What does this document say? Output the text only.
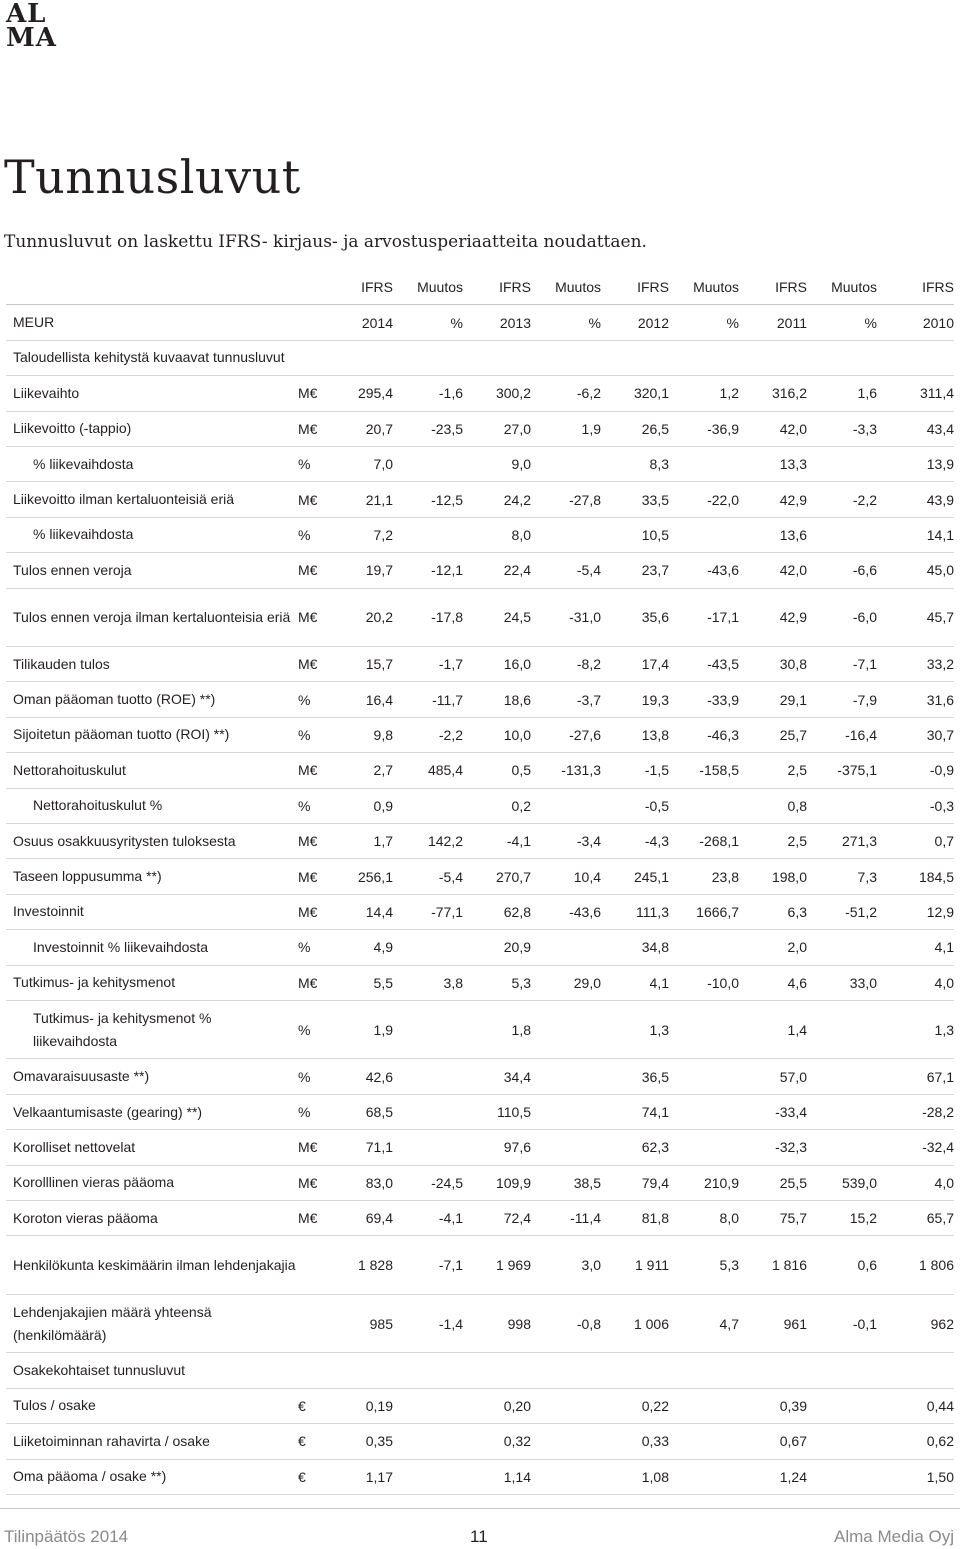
AL
MA
Tunnusluvut
Tunnusluvut on laskettu IFRS- kirjaus- ja arvostusperiaatteita noudattaen.
		IFRS	Muutos	IFRS	Muutos	IFRS	Muutos	IFRS	Muutos	IFRS
MEUR		2014	%	2013	%	2012	%	2011	%	2010
Taloudellista kehitystä kuvaavat tunnusluvut										
Liikevaihto	M€	295,4	-1,6	300,2	-6,2	320,1	1,2	316,2	1,6	311,4
Liikevoitto (-tappio)	M€	20,7	-23,5	27,0	1,9	26,5	-36,9	42,0	-3,3	43,4
% liikevaihdosta	%	7,0		9,0		8,3		13,3		13,9
Liikevoitto ilman kertaluonteisiä eriä	M€	21,1	-12,5	24,2	-27,8	33,5	-22,0	42,9	-2,2	43,9
% liikevaihdosta	%	7,2		8,0		10,5		13,6		14,1
Tulos ennen veroja	M€	19,7	-12,1	22,4	-5,4	23,7	-43,6	42,0	-6,6	45,0
Tulos ennen veroja ilman kertaluonteisia eriä	M€	20,2	-17,8	24,5	-31,0	35,6	-17,1	42,9	-6,0	45,7
Tilikauden tulos	M€	15,7	-1,7	16,0	-8,2	17,4	-43,5	30,8	-7,1	33,2
Oman pääoman tuotto (ROE) **)	%	16,4	-11,7	18,6	-3,7	19,3	-33,9	29,1	-7,9	31,6
Sijoitetun pääoman tuotto (ROI) **)	%	9,8	-2,2	10,0	-27,6	13,8	-46,3	25,7	-16,4	30,7
Nettorahoituskulut	M€	2,7	485,4	0,5	-131,3	-1,5	-158,5	2,5	-375,1	-0,9
Nettorahoituskulut %	%	0,9		0,2		-0,5		0,8		-0,3
Osuus osakkuusyritysten tuloksesta	M€	1,7	142,2	-4,1	-3,4	-4,3	-268,1	2,5	271,3	0,7
Taseen loppusumma **)	M€	256,1	-5,4	270,7	10,4	245,1	23,8	198,0	7,3	184,5
Investoinnit	M€	14,4	-77,1	62,8	-43,6	111,3	1666,7	6,3	-51,2	12,9
Investoinnit % liikevaihdosta	%	4,9		20,9		34,8		2,0		4,1
Tutkimus- ja kehitysmenot	M€	5,5	3,8	5,3	29,0	4,1	-10,0	4,6	33,0	4,0
Tutkimus- ja kehitysmenot % liikevaihdosta	%	1,9		1,8		1,3		1,4		1,3
Omavaraisuusaste **)	%	42,6		34,4		36,5		57,0		67,1
Velkaantumisaste (gearing) **)	%	68,5		110,5		74,1		-33,4		-28,2
Korolliset nettovelat	M€	71,1		97,6		62,3		-32,3		-32,4
Korolllinen vieras pääoma	M€	83,0	-24,5	109,9	38,5	79,4	210,9	25,5	539,0	4,0
Koroton vieras pääoma	M€	69,4	-4,1	72,4	-11,4	81,8	8,0	75,7	15,2	65,7
Henkilökunta keskimäärin ilman lehdenjakajia		1 828	-7,1	1 969	3,0	1 911	5,3	1 816	0,6	1 806
Lehdenjakajien määrä yhteensä (henkilömäärä)		985	-1,4	998	-0,8	1 006	4,7	961	-0,1	962
Osakekohtaiset tunnusluvut										
Tulos / osake	€	0,19		0,20		0,22		0,39		0,44
Liiketoiminnan rahavirta / osake	€	0,35		0,32		0,33		0,67		0,62
Oma pääoma / osake **)	€	1,17		1,14		1,08		1,24		1,50
Tilinpäätös 2014	11	Alma Media Oyj
